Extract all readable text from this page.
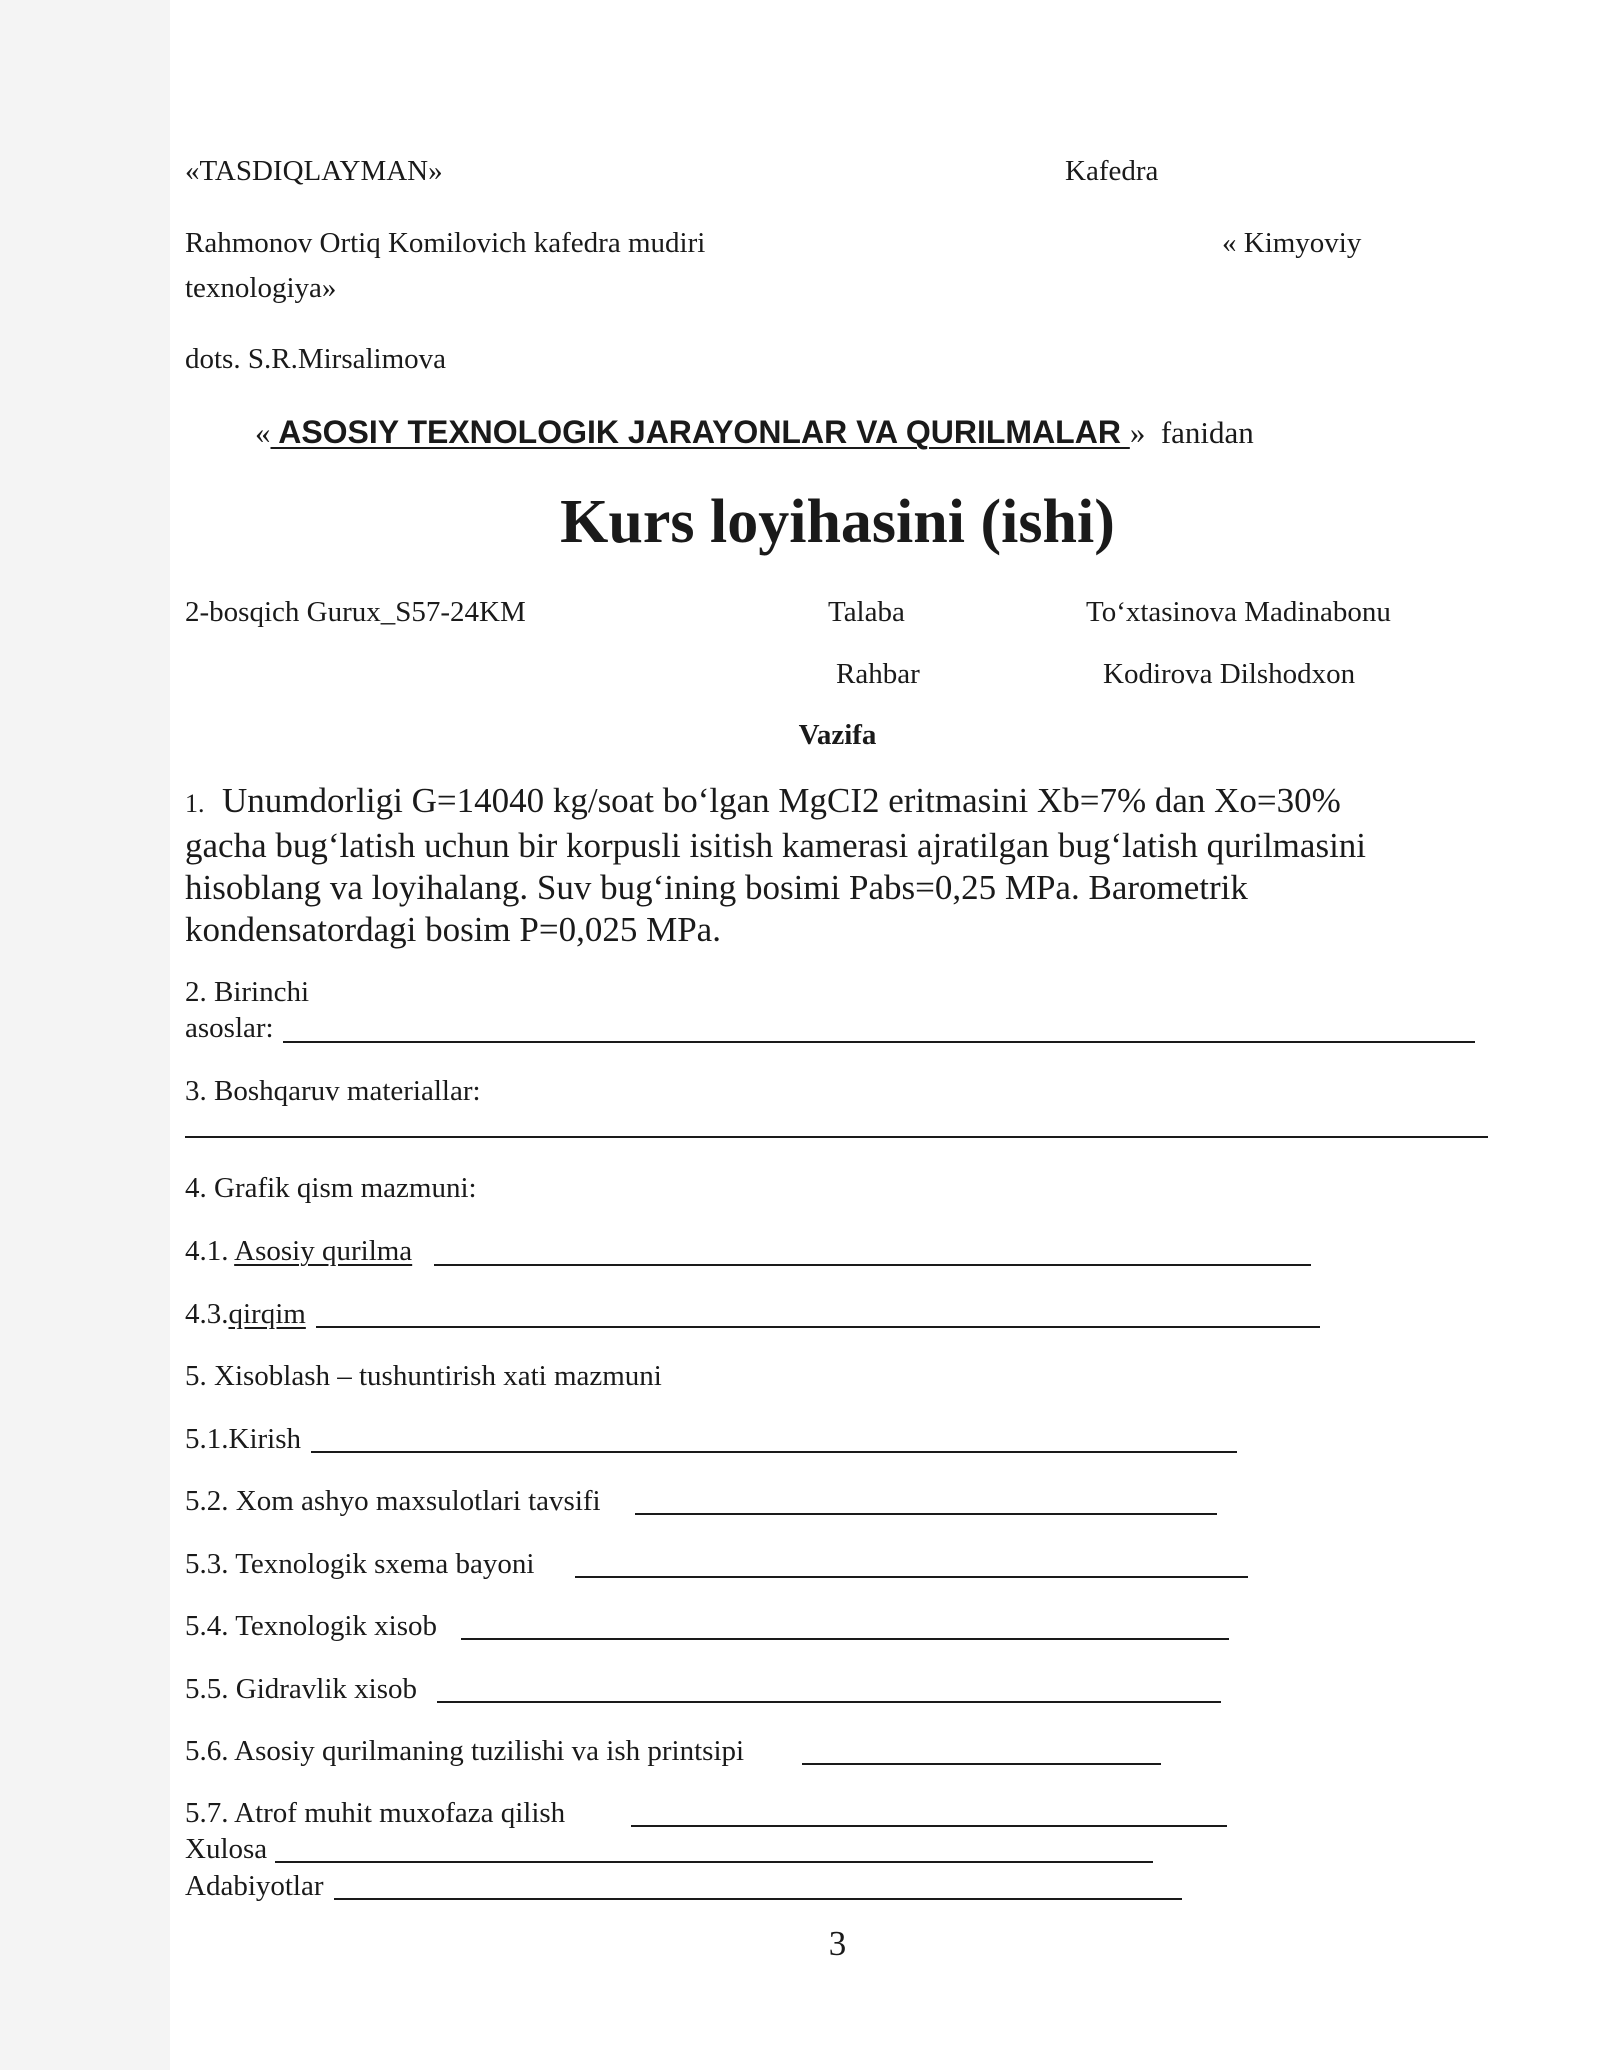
«TASDIQLAYMAN»	Kafedra
Rahmonov Ortiq Komilovich kafedra mudiri	« Kimyoviy
texnologiya»
dots. S.R.Mirsalimova
« ASOSIY TEXNOLOGIK JARAYONLAR VA QURILMALAR » fanidan
Kurs loyihasini (ishi)
2-bosqich Gurux_S57-24KM	Talaba	To‘xtasinova Madinabonu
Rahbar	Kodirova Dilshodxon
Vazifa
1. Unumdorligi G=14040 kg/soat bo‘lgan MgCI2 eritmasini Xb=7% dan Xo=30% gacha bug‘latish uchun bir korpusli isitish kamerasi ajratilgan bug‘latish qurilmasini hisoblang va loyihalang. Suv bug‘ining bosimi Pabs=0,25 MPa. Barometrik kondensatordagi bosim P=0,025 MPa.
2. Birinchi
asoslar:
3. Boshqaruv materiallar:
4. Grafik qism mazmuni:
4.1. Asosiy qurilma
4.3.qirqim
5. Xisoblash – tushuntirish xati mazmuni
5.1.Kirish
5.2. Xom ashyo maxsulotlari tavsifi
5.3. Texnologik sxema bayoni
5.4. Texnologik xisob
5.5. Gidravlik xisob
5.6. Asosiy qurilmaning tuzilishi va ish printsipi
5.7. Atrof muhit muxofaza qilish
Xulosa
Adabiyotlar
3
